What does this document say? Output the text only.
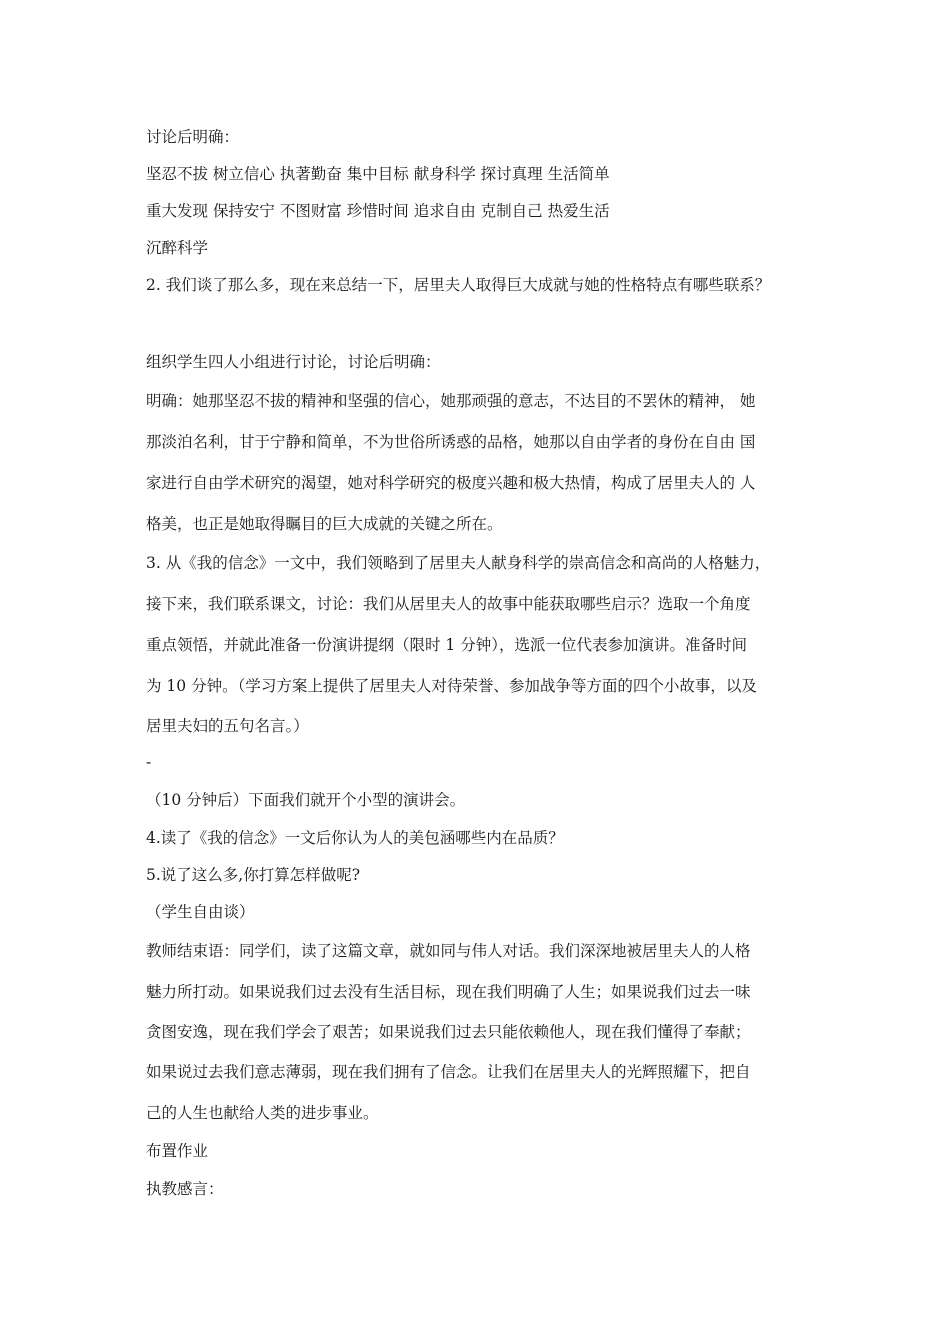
讨论后明确：
坚忍不拔 树立信心 执著勤奋 集中目标 献身科学 探讨真理 生活简单
重大发现 保持安宁 不图财富 珍惜时间 追求自由 克制自己 热爱生活
沉醉科学
2. 我们谈了那么多，现在来总结一下，居里夫人取得巨大成就与她的性格特点有哪些联系？
组织学生四人小组进行讨论，讨论后明确：
明确：她那坚忍不拔的精神和坚强的信心，她那顽强的意志，不达目的不罢休的精神， 她
那淡泊名利，甘于宁静和简单，不为世俗所诱惑的品格，她那以自由学者的身份在自由 国
家进行自由学术研究的渴望，她对科学研究的极度兴趣和极大热情，构成了居里夫人的 人
格美，也正是她取得瞩目的巨大成就的关键之所在。
3. 从《我的信念》一文中，我们领略到了居里夫人献身科学的崇高信念和高尚的人格魅力，
接下来，我们联系课文，讨论：我们从居里夫人的故事中能获取哪些启示？选取一个角度
重点领悟，并就此准备一份演讲提纲（限时 1 分钟），选派一位代表参加演讲。准备时间
为 10 分钟。（学习方案上提供了居里夫人对待荣誉、参加战争等方面的四个小故事，以及
居里夫妇的五句名言。）
-
（10 分钟后）下面我们就开个小型的演讲会。
4.读了《我的信念》一文后你认为人的美包涵哪些内在品质？
5.说了这么多,你打算怎样做呢?
（学生自由谈）
教师结束语：同学们，读了这篇文章，就如同与伟人对话。我们深深地被居里夫人的人格
魅力所打动。如果说我们过去没有生活目标，现在我们明确了人生；如果说我们过去一味
贪图安逸，现在我们学会了艰苦；如果说我们过去只能依赖他人，现在我们懂得了奉献；
如果说过去我们意志薄弱，现在我们拥有了信念。让我们在居里夫人的光辉照耀下，把自
己的人生也献给人类的进步事业。
布置作业
执教感言：
